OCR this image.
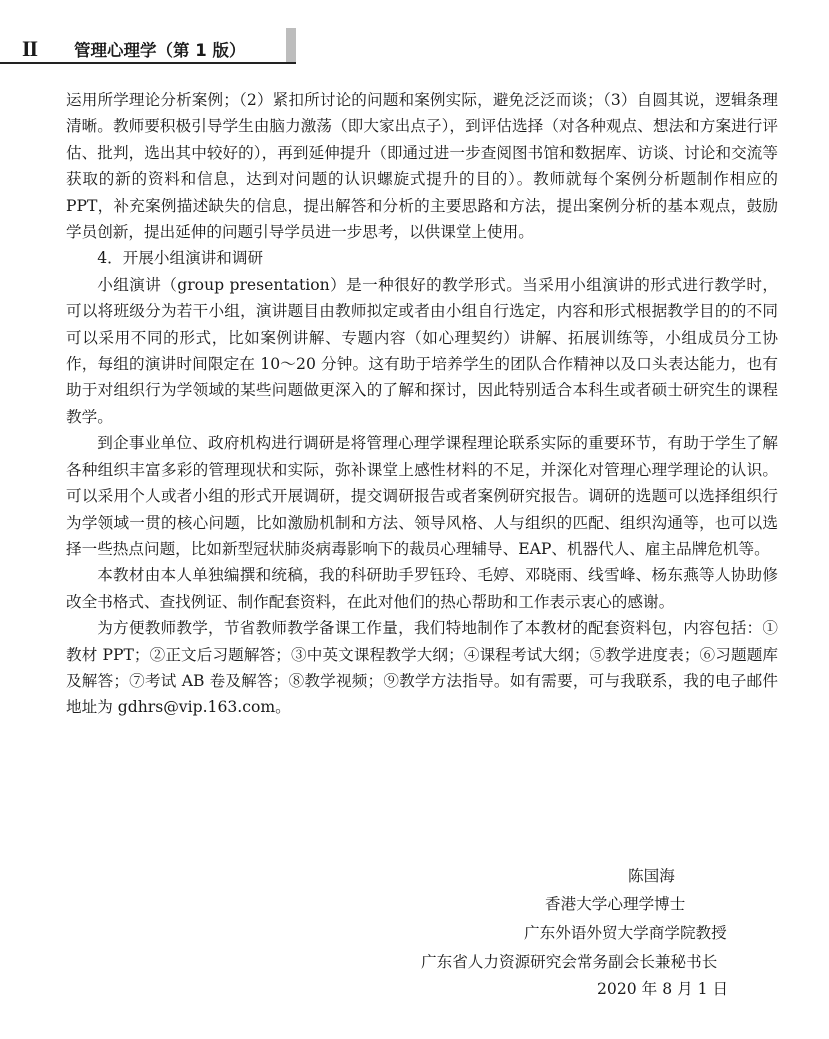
II 管理心理学（第 1 版）

运用所学理论分析案例；（2）紧扣所讨论的问题和案例实际，避免泛泛而谈；（3）自圆其说，逻辑条理清晰。教师要积极引导学生由脑力激荡（即大家出点子），到评估选择（对各种观点、想法和方案进行评估、批判，选出其中较好的），再到延伸提升（即通过进一步查阅图书馆和数据库、访谈、讨论和交流等获取的新的资料和信息，达到对问题的认识螺旋式提升的目的）。教师就每个案例分析题制作相应的 PPT，补充案例描述缺失的信息，提出解答和分析的主要思路和方法，提出案例分析的基本观点，鼓励学员创新，提出延伸的问题引导学员进一步思考，以供课堂上使用。

4．开展小组演讲和调研

小组演讲（group presentation）是一种很好的教学形式。当采用小组演讲的形式进行教学时，可以将班级分为若干小组，演讲题目由教师拟定或者由小组自行选定，内容和形式根据教学目的的不同可以采用不同的形式，比如案例讲解、专题内容（如心理契约）讲解、拓展训练等，小组成员分工协作，每组的演讲时间限定在 10～20 分钟。这有助于培养学生的团队合作精神以及口头表达能力，也有助于对组织行为学领域的某些问题做更深入的了解和探讨，因此特别适合本科生或者硕士研究生的课程教学。

到企事业单位、政府机构进行调研是将管理心理学课程理论联系实际的重要环节，有助于学生了解各种组织丰富多彩的管理现状和实际，弥补课堂上感性材料的不足，并深化对管理心理学理论的认识。可以采用个人或者小组的形式开展调研，提交调研报告或者案例研究报告。调研的选题可以选择组织行为学领域一贯的核心问题，比如激励机制和方法、领导风格、人与组织的匹配、组织沟通等，也可以选择一些热点问题，比如新型冠状肺炎病毒影响下的裁员心理辅导、EAP、机器代人、雇主品牌危机等。

本教材由本人单独编撰和统稿，我的科研助手罗钰玲、毛婷、邓晓雨、线雪峰、杨东燕等人协助修改全书格式、查找例证、制作配套资料，在此对他们的热心帮助和工作表示衷心的感谢。

为方便教师教学，节省教师教学备课工作量，我们特地制作了本教材的配套资料包，内容包括：①教材 PPT；②正文后习题解答；③中英文课程教学大纲；④课程考试大纲；⑤教学进度表；⑥习题题库及解答；⑦考试 AB 卷及解答；⑧教学视频；⑨教学方法指导。如有需要，可与我联系，我的电子邮件地址为 gdhrs@vip.163.com。

陈国海
香港大学心理学博士
广东外语外贸大学商学院教授
广东省人力资源研究会常务副会长兼秘书长
2020 年 8 月 1 日
